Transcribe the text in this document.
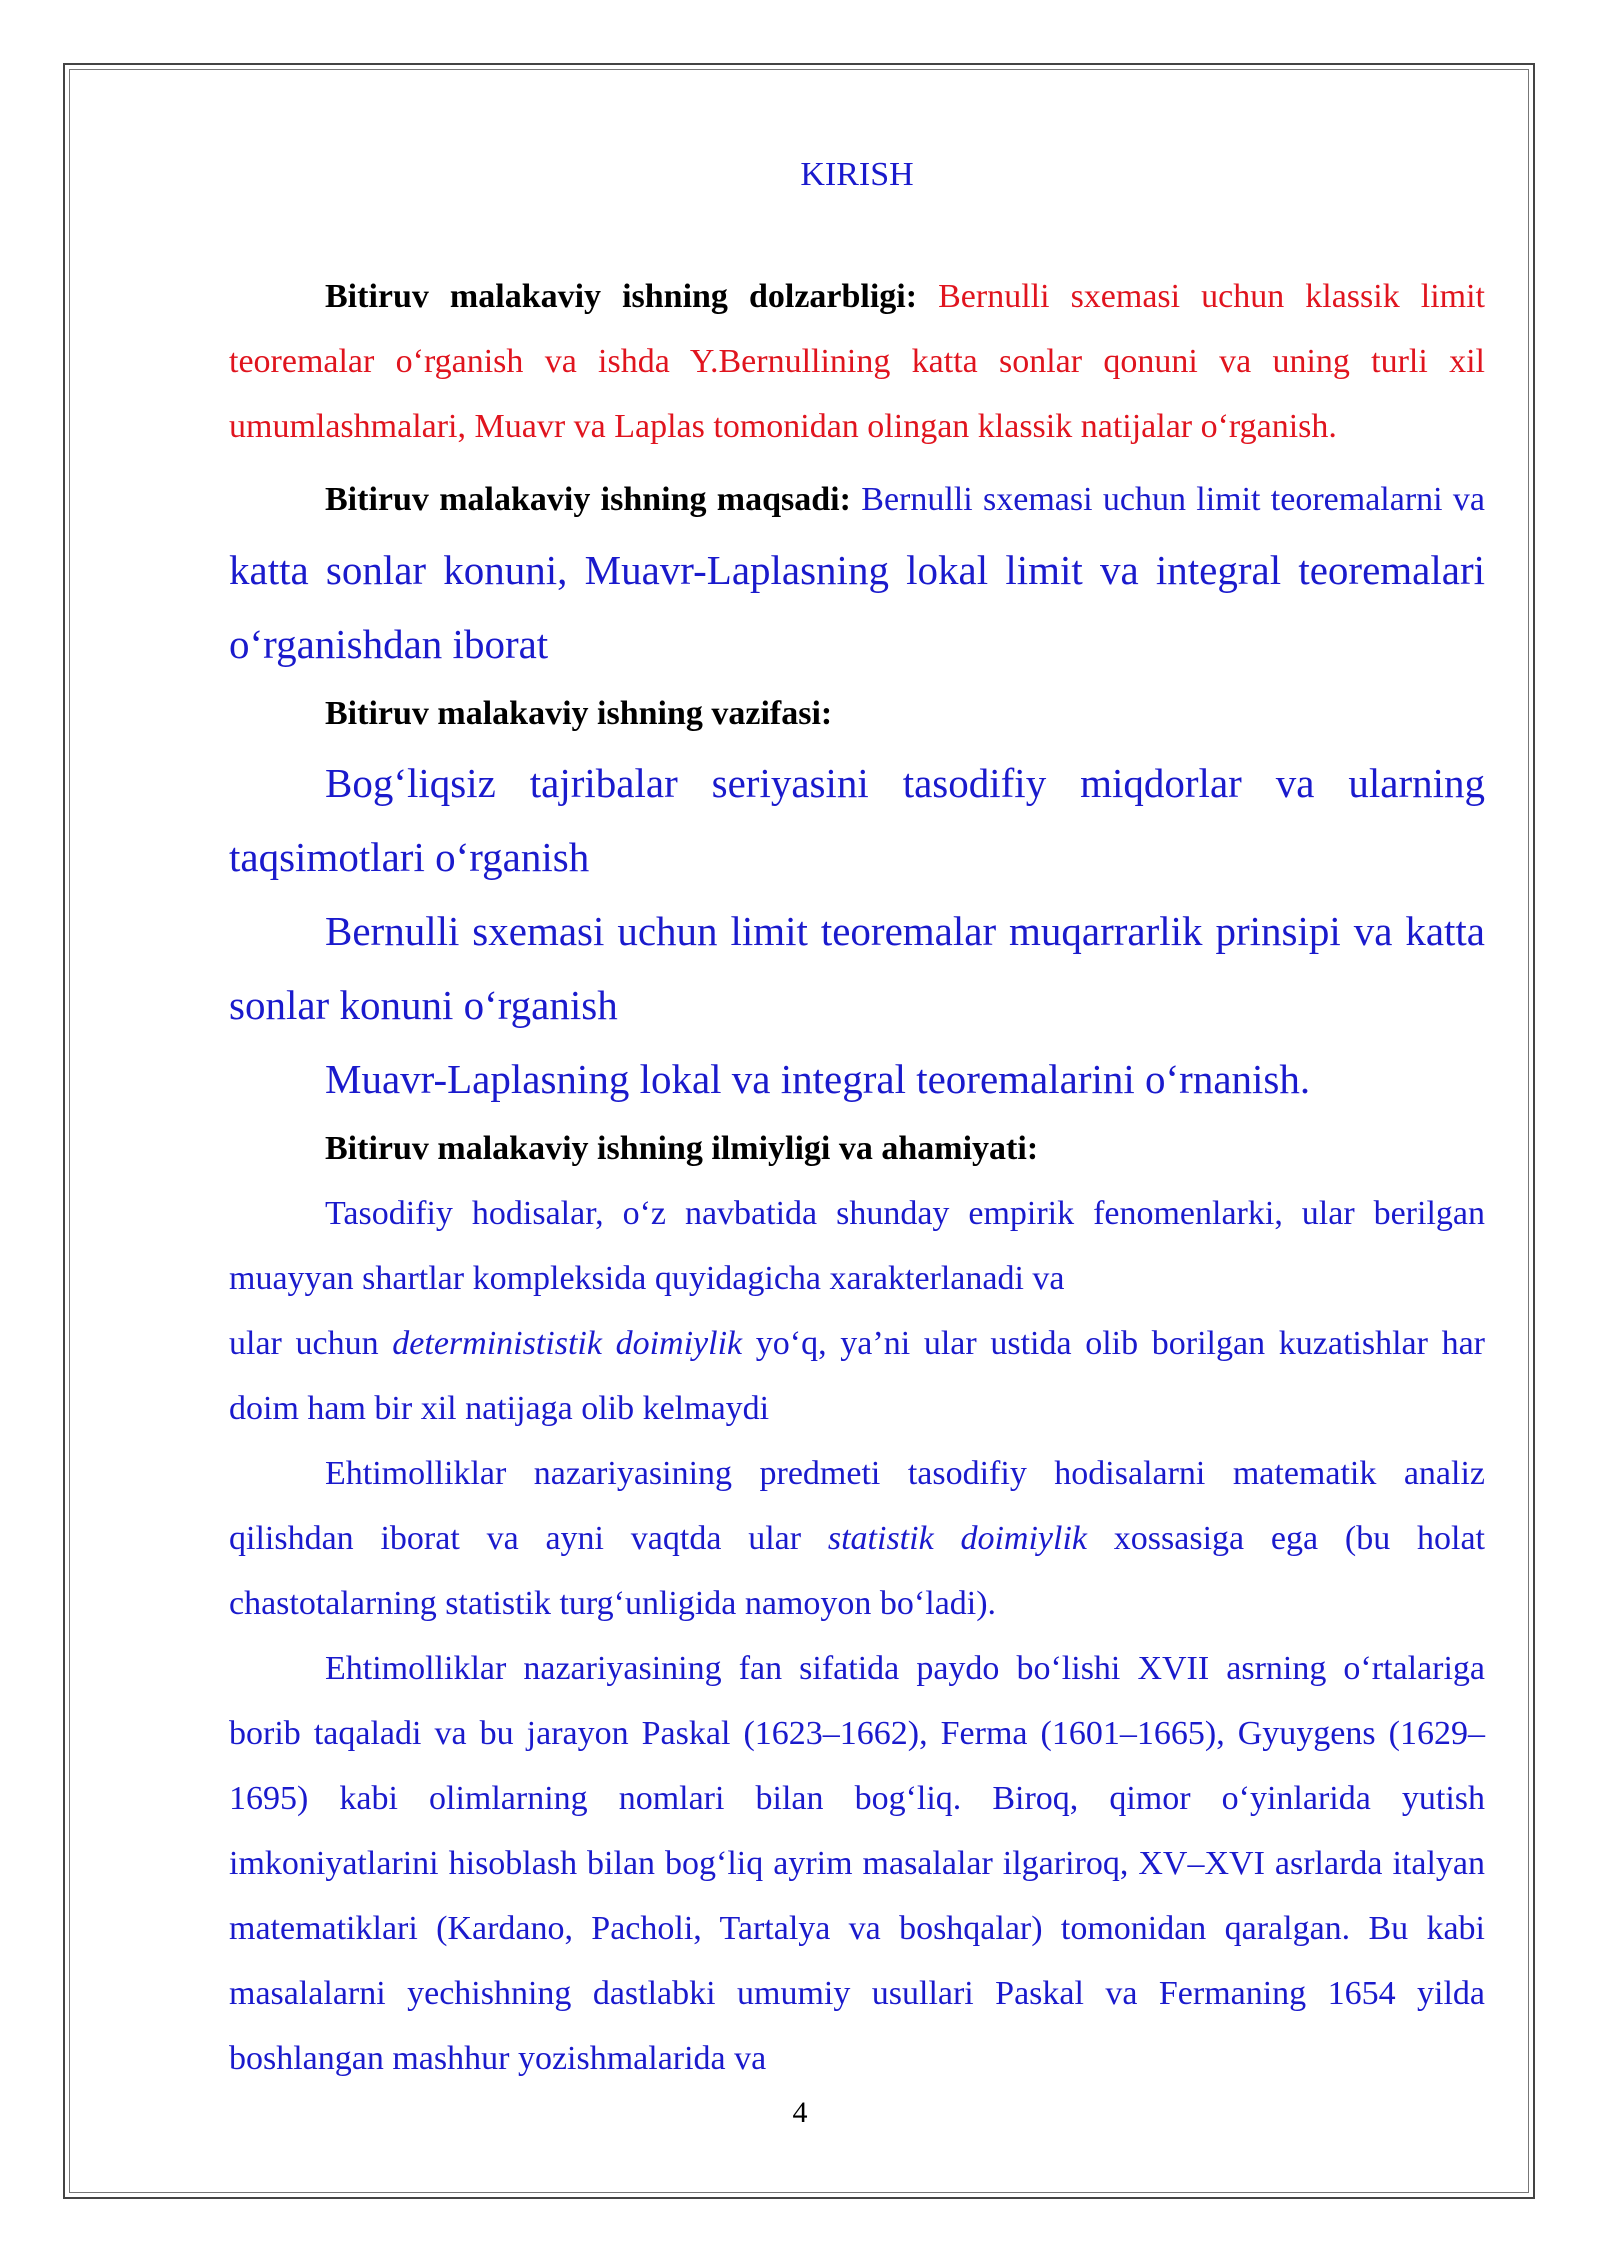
KIRISH

Bitiruv malakaviy ishning dolzarbligi: Bernulli sxemasi uchun klassik limit teoremalar o‘rganish va ishda Y.Bernullining katta sonlar qonuni va uning turli xil umumlashmalari, Muavr va Laplas tomonidan olingan klassik natijalar o‘rganish.

Bitiruv malakaviy ishning maqsadi: Bernulli sxemasi uchun limit teoremalarni va katta sonlar konuni, Muavr-Laplasning lokal limit va integral teoremalari o‘rganishdan iborat

Bitiruv malakaviy ishning vazifasi:

Bog‘liqsiz tajribalar seriyasini tasodifiy miqdorlar va ularning taqsimotlari o‘rganish

Bernulli sxemasi uchun limit teoremalar muqarrarlik prinsipi va katta sonlar konuni o‘rganish

Muavr-Laplasning lokal va integral teoremalarini o‘rnanish.

Bitiruv malakaviy ishning ilmiyligi va ahamiyati:

Tasodifiy hodisalar, o‘z navbatida shunday empirik fenomenlarki, ular berilgan muayyan shartlar kompleksida quyidagicha xarakterlanadi va

ular uchun determinististik doimiylik yo‘q, ya’ni ular ustida olib borilgan kuzatishlar har doim ham bir xil natijaga olib kelmaydi

Ehtimolliklar nazariyasining predmeti tasodifiy hodisalarni matematik analiz qilishdan iborat va ayni vaqtda ular statistik doimiylik xossasiga ega (bu holat chastotalarning statistik turg‘unligida namoyon bo‘ladi).

Ehtimolliklar nazariyasining fan sifatida paydo bo‘lishi XVII asrning o‘rtalariga borib taqaladi va bu jarayon Paskal (1623–1662), Ferma (1601–1665), Gyuygens (1629–1695) kabi olimlarning nomlari bilan bog‘liq. Biroq, qimor o‘yinlarida yutish imkoniyatlarini hisoblash bilan bog‘liq ayrim masalalar ilgariroq, XV–XVI asrlarda italyan matematiklari (Kardano, Pacholi, Tartalya va boshqalar) tomonidan qaralgan. Bu kabi masalalarni yechishning dastlabki umumiy usullari Paskal va Fermaning 1654 yilda boshlangan mashhur yozishmalarida va

4
